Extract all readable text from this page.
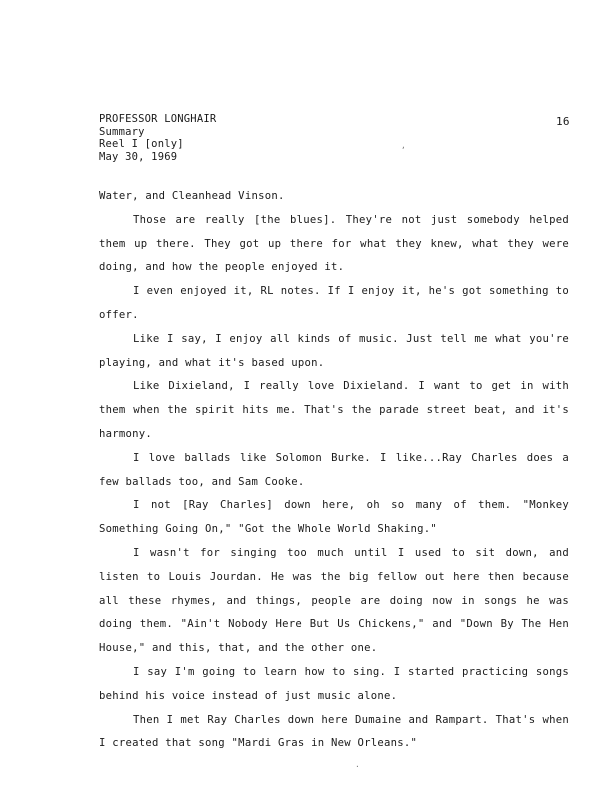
PROFESSOR LONGHAIR
Summary
Reel I [only]
May 30, 1969
16

Water, and Cleanhead Vinson.

Those are really [the blues]. They're not just somebody helped them up there. They got up there for what they knew, what they were doing, and how the people enjoyed it.

I even enjoyed it, RL notes. If I enjoy it, he's got something to offer.

Like I say, I enjoy all kinds of music. Just tell me what you're playing, and what it's based upon.

Like Dixieland, I really love Dixieland. I want to get in with them when the spirit hits me. That's the parade street beat, and it's harmony.

I love ballads like Solomon Burke. I like...Ray Charles does a few ballads too, and Sam Cooke.

I not [Ray Charles] down here, oh so many of them. "Monkey Something Going On," "Got the Whole World Shaking."

I wasn't for singing too much until I used to sit down, and listen to Louis Jourdan. He was the big fellow out here then because all these rhymes, and things, people are doing now in songs he was doing them. "Ain't Nobody Here But Us Chickens," and "Down By The Hen House," and this, that, and the other one.

I say I'm going to learn how to sing. I started practicing songs behind his voice instead of just music alone.

Then I met Ray Charles down here Dumaine and Rampart. That's when I created that song "Mardi Gras in New Orleans."

,
.
